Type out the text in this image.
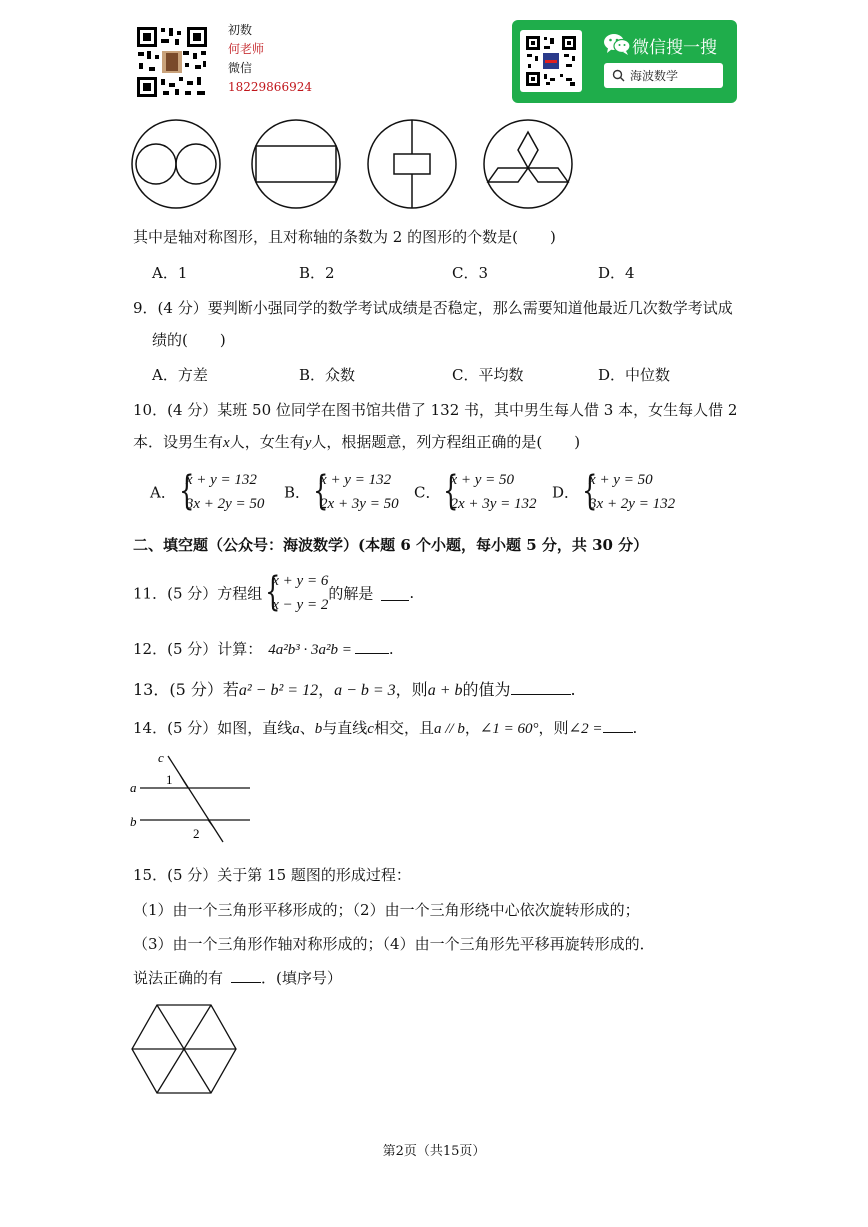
初数
何老师
微信
18229866924
微信搜一搜
海波数学
其中是轴对称图形，且对称轴的条数为 2 的图形的个数是( )
A．1	B．2	C．3	D．4
9．(4 分）要判断小强同学的数学考试成绩是否稳定，那么需要知道他最近几次数学考试成
绩的( )
A．方差	B．众数	C．平均数	D．中位数
10．(4 分）某班 50 位同学在图书馆共借了 132 书，其中男生每人借 3 本，女生每人借 2
本．设男生有x人，女生有y人，根据题意，列方程组正确的是( )
A．
{ x + y = 132
3x + 2y = 50
B．
{ x + y = 132
2x + 3y = 50
C．
{ x + y = 50
2x + 3y = 132
D．
{ x + y = 50
3x + 2y = 132
二、填空题（公众号：海波数学）(本题 6 个小题，每小题 5 分，共 30 分）
11．(5 分）方程组
{ x + y = 6
x − y = 2
的解是 .
12．(5 分）计算： 4a²b³ · 3a²b = .
13．(5 分）若a² − b² = 12，a − b = 3，则a + b的值为	.
14．(5 分）如图，直线a、b与直线c相交，且a // b，∠1 = 60°，则∠2 = .
c
a
b
1
2
15．(5 分）关于第 15 题图的形成过程：
（1）由一个三角形平移形成的；（2）由一个三角形绕中心依次旋转形成的；
（3）由一个三角形作轴对称形成的；（4）由一个三角形先平移再旋转形成的．
说法正确的有	．(填序号）
第2页（共15页）
